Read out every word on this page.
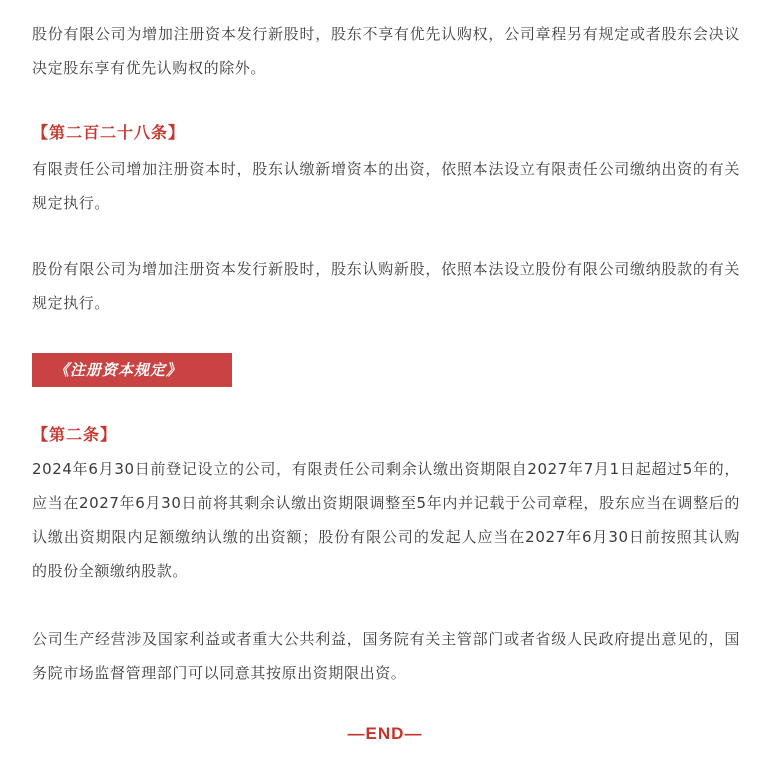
股份有限公司为增加注册资本发行新股时，股东不享有优先认购权，公司章程另有规定或者股东会决议决定股东享有优先认购权的除外。

【第二百二十八条】

有限责任公司增加注册资本时，股东认缴新增资本的出资，依照本法设立有限责任公司缴纳出资的有关规定执行。

股份有限公司为增加注册资本发行新股时，股东认购新股，依照本法设立股份有限公司缴纳股款的有关规定执行。

《注册资本规定》

【第二条】

2024年6月30日前登记设立的公司，有限责任公司剩余认缴出资期限自2027年7月1日起超过5年的，应当在2027年6月30日前将其剩余认缴出资期限调整至5年内并记载于公司章程，股东应当在调整后的认缴出资期限内足额缴纳认缴的出资额；股份有限公司的发起人应当在2027年6月30日前按照其认购的股份全额缴纳股款。

公司生产经营涉及国家利益或者重大公共利益，国务院有关主管部门或者省级人民政府提出意见的，国务院市场监督管理部门可以同意其按原出资期限出资。

—END—
